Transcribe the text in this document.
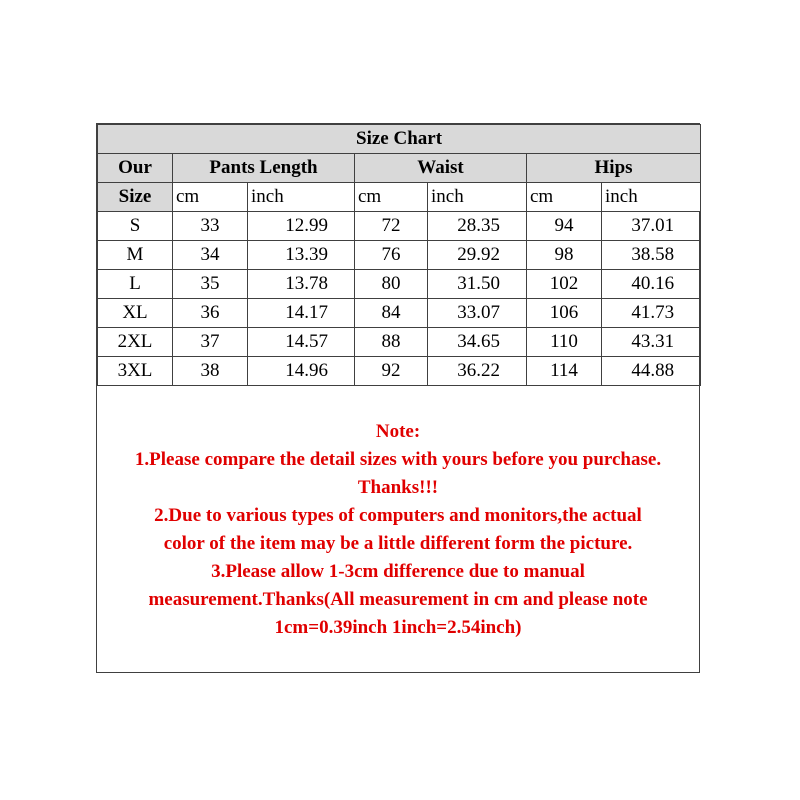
Size Chart						
Our	Pants Length		Waist		Hips	
Size	cm	inch	cm	inch	cm	inch
S	33	12.99	72	28.35	94	37.01
M	34	13.39	76	29.92	98	38.58
L	35	13.78	80	31.50	102	40.16
XL	36	14.17	84	33.07	106	41.73
2XL	37	14.57	88	34.65	110	43.31
3XL	38	14.96	92	36.22	114	44.88
Note:
1.Please compare the detail sizes with yours before you purchase.
Thanks!!!
2.Due to various types of computers and monitors,the actual
color of the item may be a little different form the picture.
3.Please allow 1-3cm difference due to manual
measurement.Thanks(All measurement in cm and please note
1cm=0.39inch 1inch=2.54inch)
